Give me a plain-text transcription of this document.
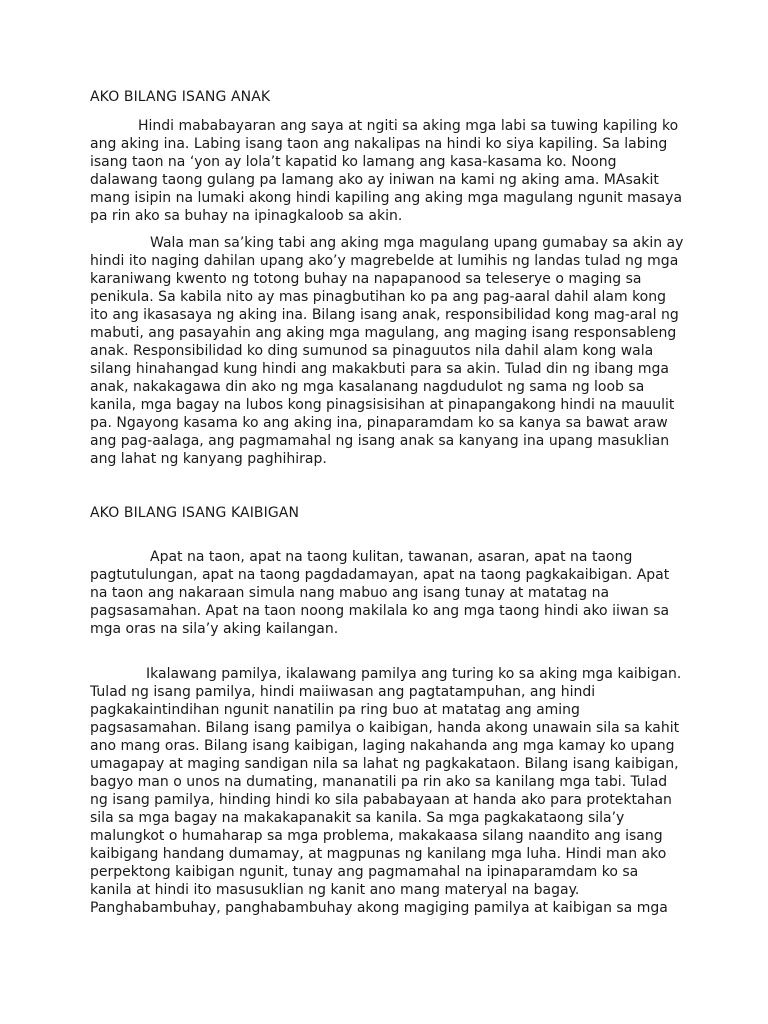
AKO BILANG ISANG ANAK

Hindi mababayaran ang saya at ngiti sa aking mga labi sa tuwing kapiling ko ang aking ina. Labing isang taon ang nakalipas na hindi ko siya kapiling. Sa labing isang taon na ‘yon ay lola’t kapatid ko lamang ang kasa-kasama ko. Noong dalawang taong gulang pa lamang ako ay iniwan na kami ng aking ama. MAsakit mang isipin na lumaki akong hindi kapiling ang aking mga magulang ngunit masaya pa rin ako sa buhay na ipinagkaloob sa akin.

Wala man sa’king tabi ang aking mga magulang upang gumabay sa akin ay hindi ito naging dahilan upang ako’y magrebelde at lumihis ng landas tulad ng mga karaniwang kwento ng totong buhay na napapanood sa teleserye o maging sa penikula. Sa kabila nito ay mas pinagbutihan ko pa ang pag-aaral dahil alam kong ito ang ikasasaya ng aking ina. Bilang isang anak, responsibilidad kong mag-aral ng mabuti, ang pasayahin ang aking mga magulang, ang maging isang responsableng anak. Responsibilidad ko ding sumunod sa pinaguutos nila dahil alam kong wala silang hinahangad kung hindi ang makakbuti para sa akin. Tulad din ng ibang mga anak, nakakagawa din ako ng mga kasalanang nagdudulot ng sama ng loob sa kanila, mga bagay na lubos kong pinagsisisihan at pinapangakong hindi na mauulit pa. Ngayong kasama ko ang aking ina, pinaparamdam ko sa kanya sa bawat araw ang pag-aalaga, ang pagmamahal ng isang anak sa kanyang ina upang masuklian ang lahat ng kanyang paghihirap.

AKO BILANG ISANG KAIBIGAN

Apat na taon, apat na taong kulitan, tawanan, asaran, apat na taong pagtutulungan, apat na taong pagdadamayan, apat na taong pagkakaibigan. Apat na taon ang nakaraan simula nang mabuo ang isang tunay at matatag na pagsasamahan. Apat na taon noong makilala ko ang mga taong hindi ako iiwan sa mga oras na sila’y aking kailangan.

Ikalawang pamilya, ikalawang pamilya ang turing ko sa aking mga kaibigan. Tulad ng isang pamilya, hindi maiiwasan ang pagtatampuhan, ang hindi pagkakaintindihan ngunit nanatilin pa ring buo at matatag ang aming pagsasamahan. Bilang isang pamilya o kaibigan, handa akong unawain sila sa kahit ano mang oras. Bilang isang kaibigan, laging nakahanda ang mga kamay ko upang umagapay at maging sandigan nila sa lahat ng pagkakataon. Bilang isang kaibigan, bagyo man o unos na dumating, mananatili pa rin ako sa kanilang mga tabi. Tulad ng isang pamilya, hinding hindi ko sila pababayaan at handa ako para protektahan sila sa mga bagay na makakapanakit sa kanila. Sa mga pagkakataong sila’y malungkot o humaharap sa mga problema, makakaasa silang naandito ang isang kaibigang handang dumamay, at magpunas ng kanilang mga luha. Hindi man ako perpektong kaibigan ngunit, tunay ang pagmamahal na ipinaparamdam ko sa kanila at hindi ito masusuklian ng kanit ano mang materyal na bagay. Panghabambuhay, panghabambuhay akong magiging pamilya at kaibigan sa mga
